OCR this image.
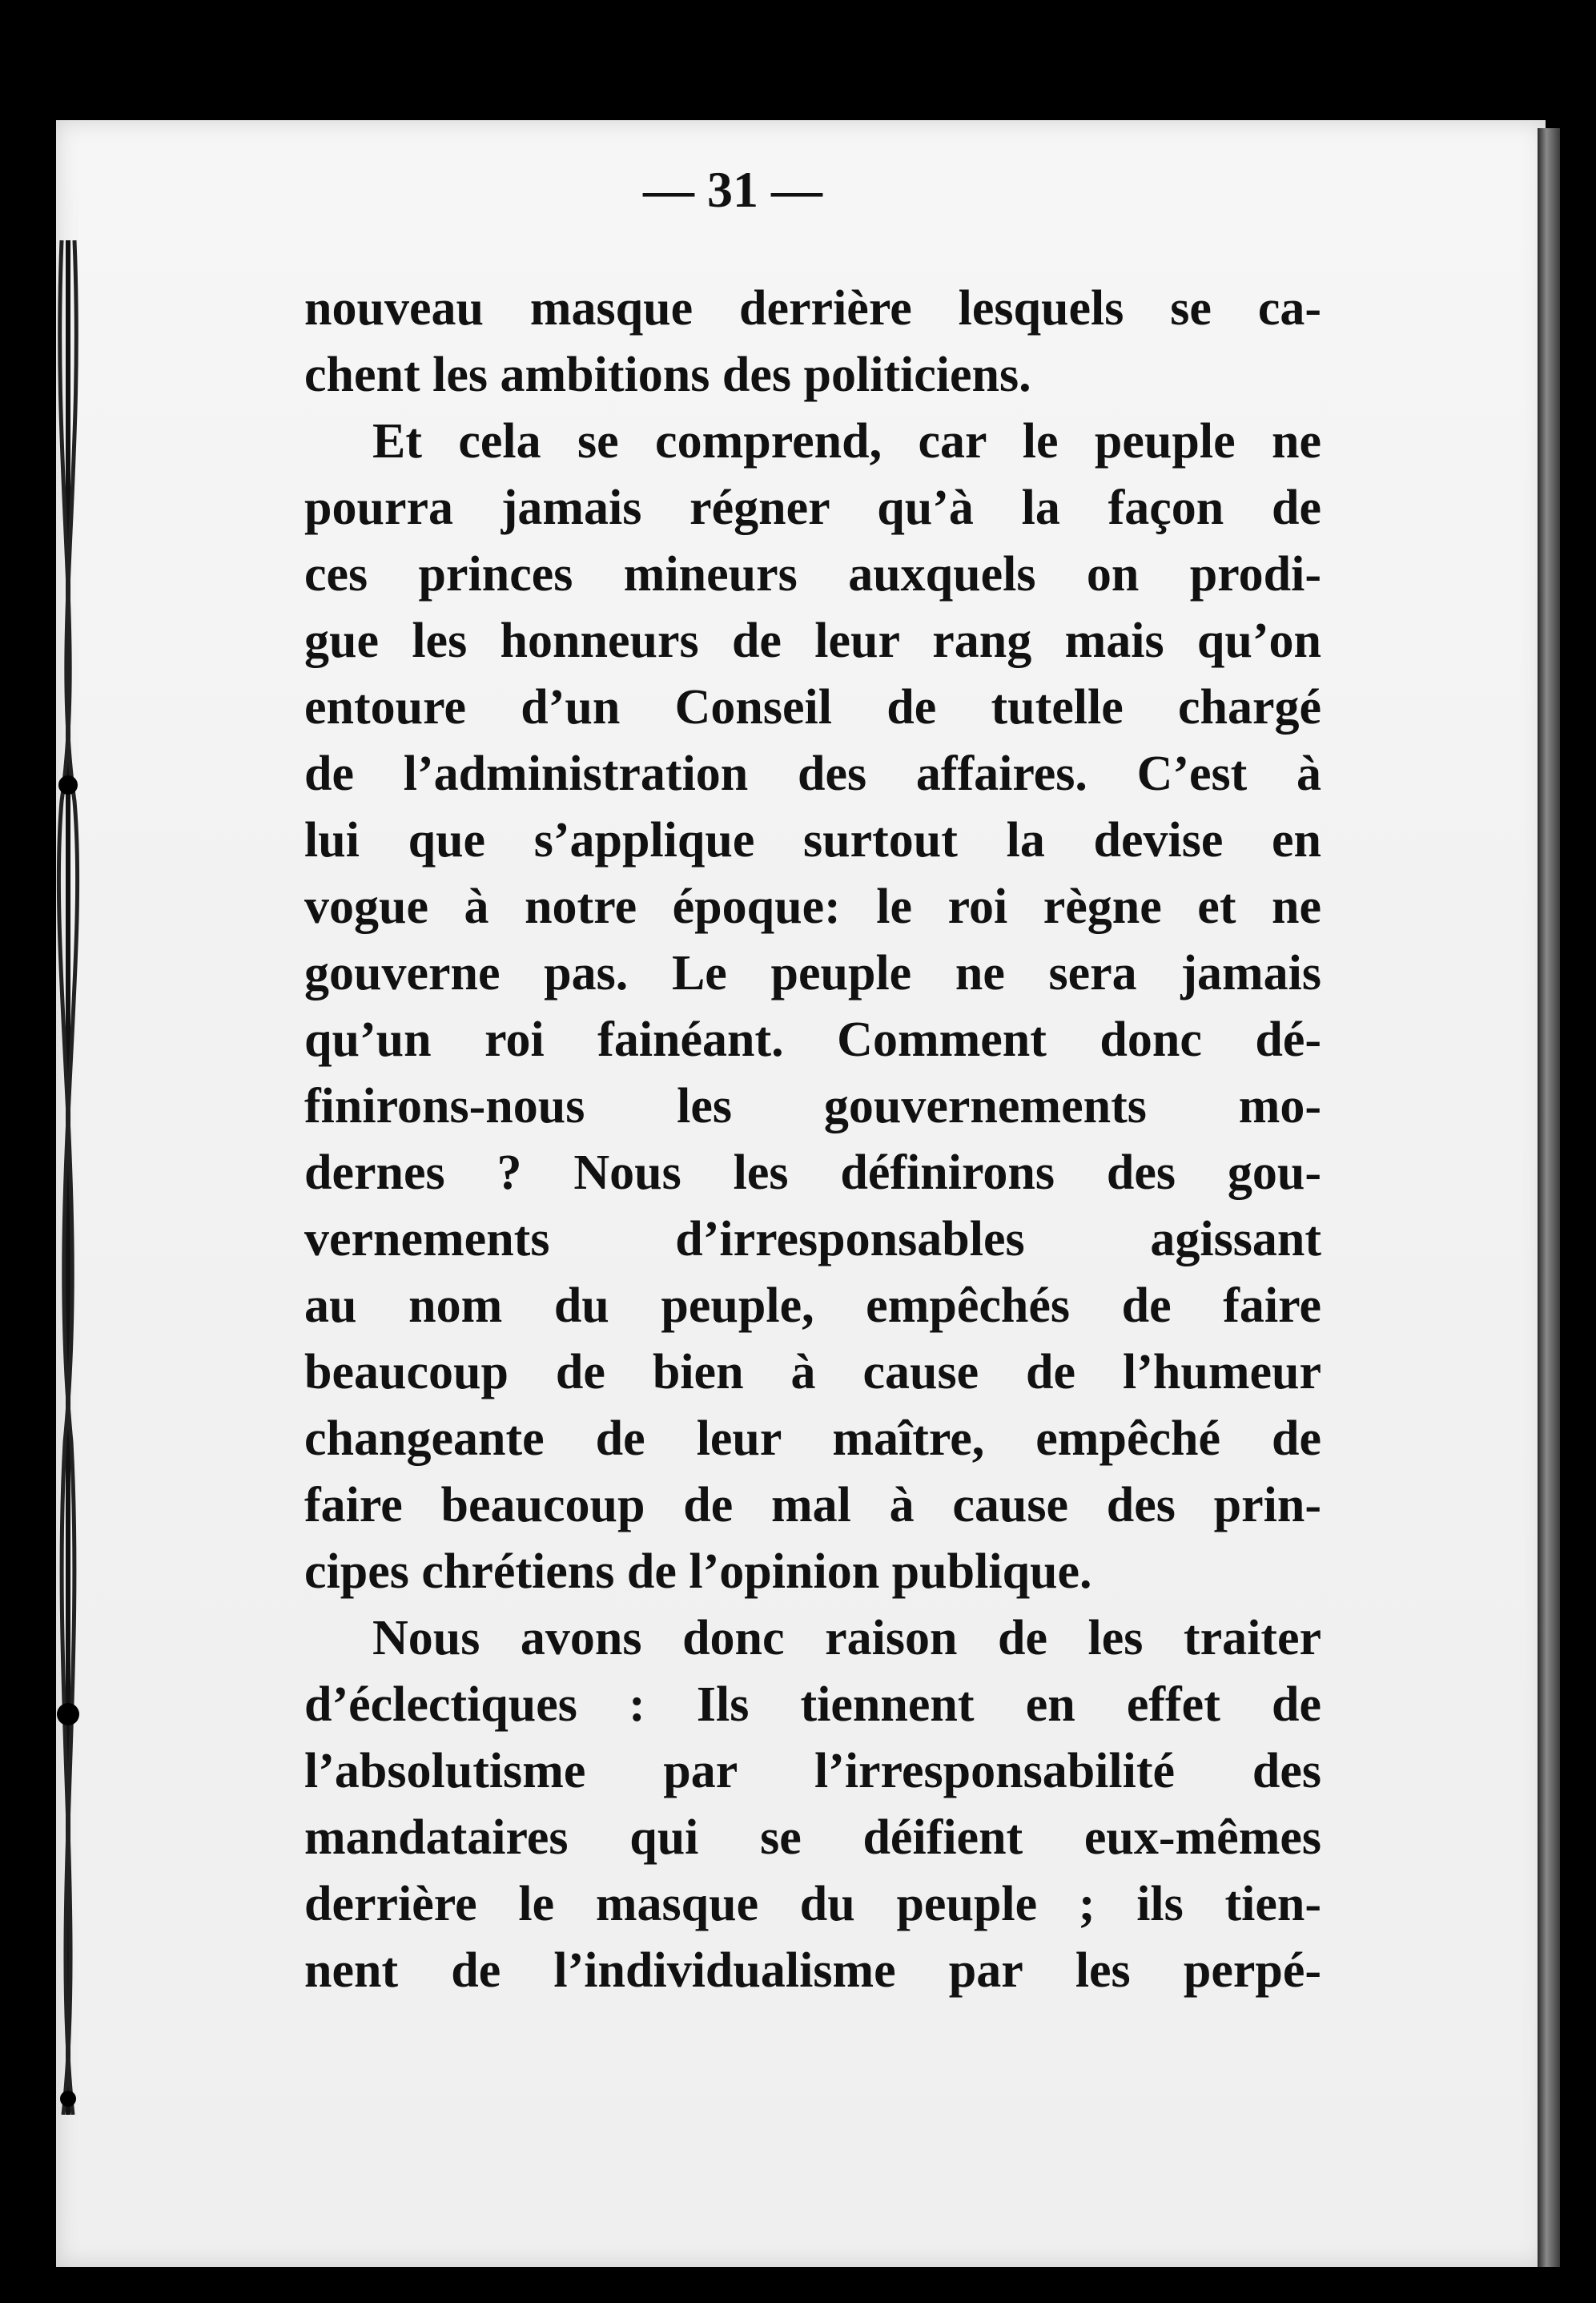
— 31 —

nouveau masque derrière lesquels se ca-
chent les ambitions des politiciens.

Et cela se comprend, car le peuple ne
pourra jamais régner qu’à la façon de
ces princes mineurs auxquels on prodi-
gue les honneurs de leur rang mais qu’on
entoure d’un Conseil de tutelle chargé
de l’administration des affaires. C’est à
lui que s’applique surtout la devise en
vogue à notre époque: le roi règne et ne
gouverne pas. Le peuple ne sera jamais
qu’un roi fainéant. Comment donc dé-
finirons-nous les gouvernements mo-
dernes ? Nous les définirons des gou-
vernements d’irresponsables agissant
au nom du peuple, empêchés de faire
beaucoup de bien à cause de l’humeur
changeante de leur maître, empêché de
faire beaucoup de mal à cause des prin-
cipes chrétiens de l’opinion publique.

Nous avons donc raison de les traiter
d’éclectiques : Ils tiennent en effet de
l’absolutisme par l’irresponsabilité des
mandataires qui se déifient eux-mêmes
derrière le masque du peuple ; ils tien-
nent de l’individualisme par les perpé-
